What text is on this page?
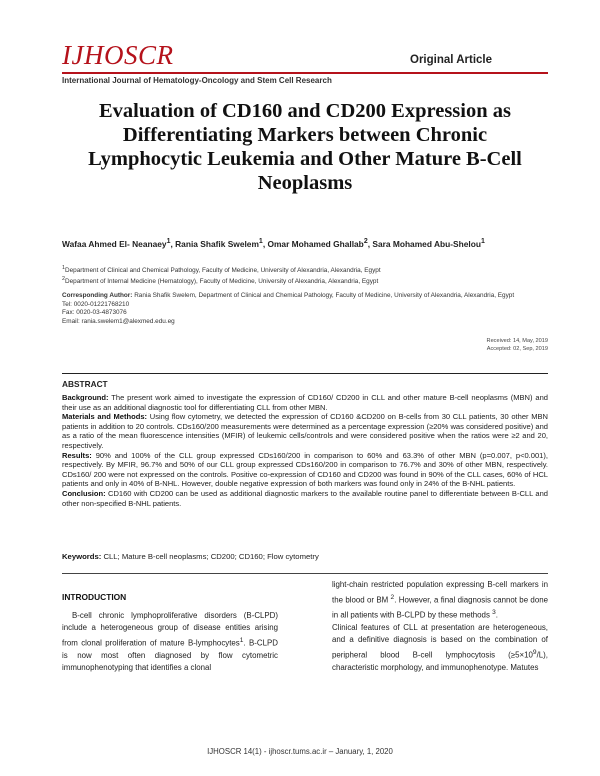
IJHOSCR	Original Article
International Journal of Hematology-Oncology and Stem Cell Research
Evaluation of CD160 and CD200 Expression as Differentiating Markers between Chronic Lymphocytic Leukemia and Other Mature B-Cell Neoplasms
Wafaa Ahmed El- Neanaey$^1$, Rania Shafik Swelem$^1$, Omar Mohamed Ghallab$^2$, Sara Mohamed Abu-Shelou$^1$
$^1$Department of Clinical and Chemical Pathology, Faculty of Medicine, University of Alexandria, Alexandria, Egypt
$^2$Department of Internal Medicine (Hematology), Faculty of Medicine, University of Alexandria, Alexandria, Egypt
Corresponding Author: Rania Shafik Swelem, Department of Clinical and Chemical Pathology, Faculty of Medicine, University of Alexandria, Alexandria, Egypt
Tel: 0020-01221768210
Fax: 0020-03-4873076
Email: rania.swelem1@alexmed.edu.eg
Received: 14, May, 2019
Accepted: 02, Sep, 2019
ABSTRACT

Background: The present work aimed to investigate the expression of CD160/ CD200 in CLL and other mature B-cell neoplasms (MBN) and their use as an additional diagnostic tool for differentiating CLL from other MBN.

Materials and Methods: Using flow cytometry, we detected the expression of CD160 &CD200 on B-cells from 30 CLL patients, 30 other MBN patients in addition to 20 controls. CDs160/200 measurements were determined as a percentage expression (≥20% was considered positive) and as a ratio of the mean fluorescence intensities (MFIR) of leukemic cells/controls and were considered positive when the ratios were ≥2 and 20, respectively.

Results: 90% and 100% of the CLL group expressed CDs160/200 in comparison to 60% and 63.3% of other MBN (p=0.007, p<0.001), respectively. By MFIR, 96.7% and 50% of our CLL group expressed CDs160/200 in comparison to 76.7% and 30% of other MBN, respectively. CDs160/ 200 were not expressed on the controls. Positive co-expression of CD160 and CD200 was found in 90% of the CLL cases, 60% of HCL patients and only in 40% of B-NHL. However, double negative expression of both markers was found only in 24% of the B-NHL patients.

Conclusion: CD160 with CD200 can be used as additional diagnostic markers to the available routine panel to differentiate between B-CLL and other non-specified B-NHL patients.

Keywords: CLL; Mature B-cell neoplasms; CD200; CD160; Flow cytometry
INTRODUCTION

B-cell chronic lymphoproliferative disorders (B-CLPD) include a heterogeneous group of disease entities arising from clonal proliferation of mature B-lymphocytes$^1$. B-CLPD is now most often diagnosed by flow cytometric immunophenotyping that identifies a clonal

light-chain restricted population expressing B-cell markers in the blood or BM $^2$. However, a final diagnosis cannot be done in all patients with B-CLPD by these methods $^3$.

Clinical features of CLL at presentation are heterogeneous, and a definitive diagnosis is based on the combination of peripheral blood B-cell lymphocytosis $(\ge 5\times 10^9/L)$, characteristic morphology, and immunophenotype. Matutes

IJHOSCR 14(1) - ijhoscr.tums.ac.ir – January, 1, 2020
